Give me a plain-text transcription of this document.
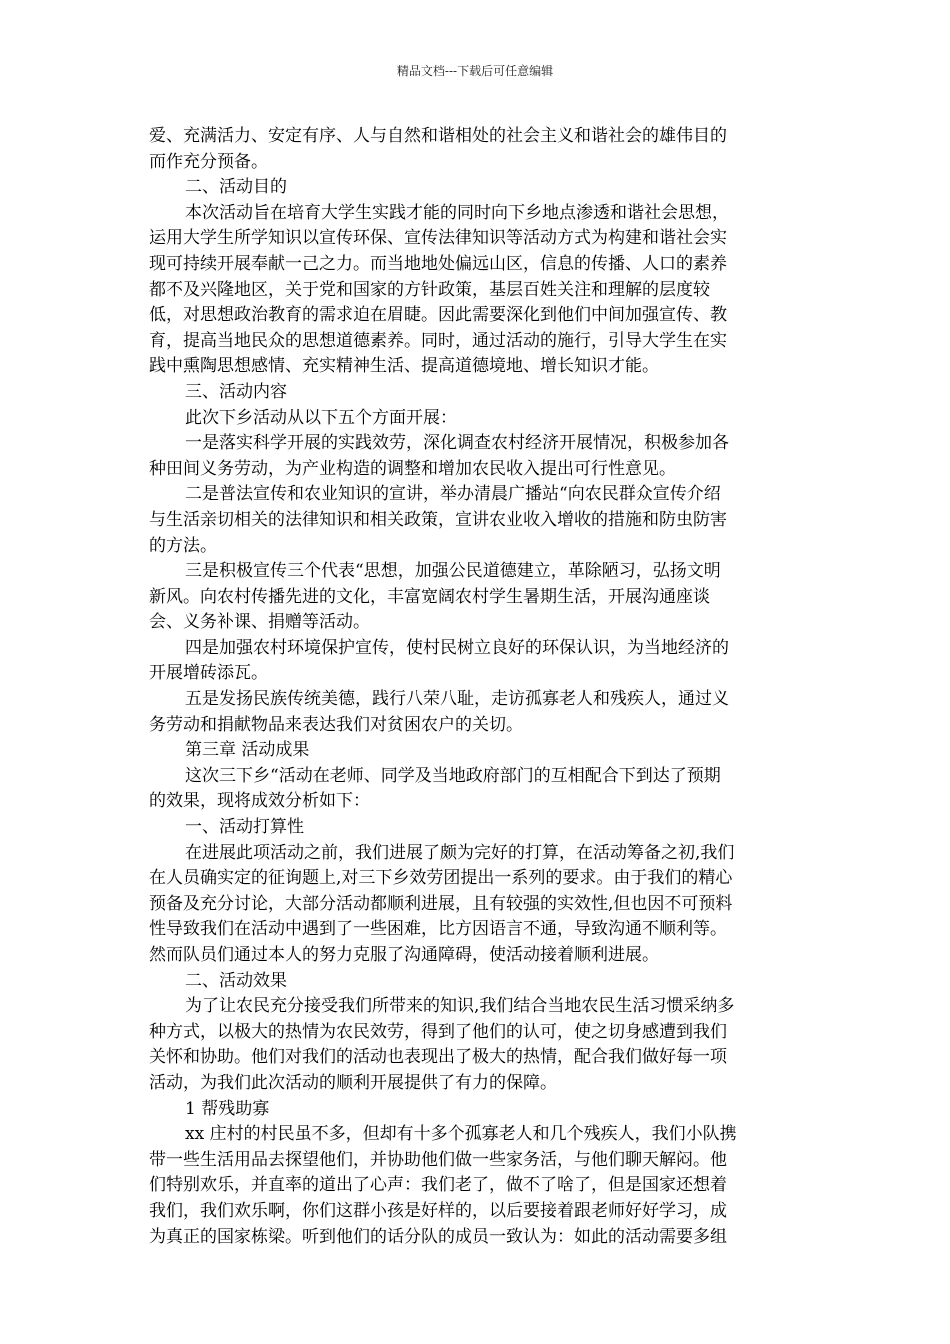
精品文档---下载后可任意编辑
爱、充满活力、安定有序、人与自然和谐相处的社会主义和谐社会的雄伟目的
而作充分预备。
二、活动目的
本次活动旨在培育大学生实践才能的同时向下乡地点渗透和谐社会思想，
运用大学生所学知识以宣传环保、宣传法律知识等活动方式为构建和谐社会实
现可持续开展奉献一己之力。而当地地处偏远山区，信息的传播、人口的素养
都不及兴隆地区，关于党和国家的方针政策，基层百姓关注和理解的层度较
低，对思想政治教育的需求迫在眉睫。因此需要深化到他们中间加强宣传、教
育，提高当地民众的思想道德素养。同时，通过活动的施行，引导大学生在实
践中熏陶思想感情、充实精神生活、提高道德境地、增长知识才能。
三、活动内容
此次下乡活动从以下五个方面开展：
一是落实科学开展的实践效劳，深化调查农村经济开展情况，积极参加各
种田间义务劳动，为产业构造的调整和增加农民收入提出可行性意见。
二是普法宣传和农业知识的宣讲，举办清晨广播站“向农民群众宣传介绍
与生活亲切相关的法律知识和相关政策，宣讲农业收入增收的措施和防虫防害
的方法。
三是积极宣传三个代表“思想，加强公民道德建立，革除陋习，弘扬文明
新风。向农村传播先进的文化，丰富宽阔农村学生暑期生活，开展沟通座谈
会、义务补课、捐赠等活动。
四是加强农村环境保护宣传，使村民树立良好的环保认识，为当地经济的
开展增砖添瓦。
五是发扬民族传统美德，践行八荣八耻，走访孤寡老人和残疾人，通过义
务劳动和捐献物品来表达我们对贫困农户的关切。
第三章 活动成果
这次三下乡“活动在老师、同学及当地政府部门的互相配合下到达了预期
的效果，现将成效分析如下：
一、活动打算性
在进展此项活动之前，我们进展了颇为完好的打算，在活动筹备之初,我们
在人员确实定的征询题上,对三下乡效劳团提出一系列的要求。由于我们的精心
预备及充分讨论，大部分活动都顺利进展，且有较强的实效性,但也因不可预料
性导致我们在活动中遇到了一些困难，比方因语言不通，导致沟通不顺利等。
然而队员们通过本人的努力克服了沟通障碍，使活动接着顺利进展。
二、活动效果
为了让农民充分接受我们所带来的知识,我们结合当地农民生活习惯采纳多
种方式，以极大的热情为农民效劳，得到了他们的认可，使之切身感遭到我们
关怀和协助。他们对我们的活动也表现出了极大的热情，配合我们做好每一项
活动，为我们此次活动的顺利开展提供了有力的保障。
1 帮残助寡
xx 庄村的村民虽不多，但却有十多个孤寡老人和几个残疾人，我们小队携
带一些生活用品去探望他们，并协助他们做一些家务活，与他们聊天解闷。他
们特别欢乐，并直率的道出了心声：我们老了，做不了啥了，但是国家还想着
我们，我们欢乐啊，你们这群小孩是好样的，以后要接着跟老师好好学习，成
为真正的国家栋梁。听到他们的话分队的成员一致认为：如此的活动需要多组
